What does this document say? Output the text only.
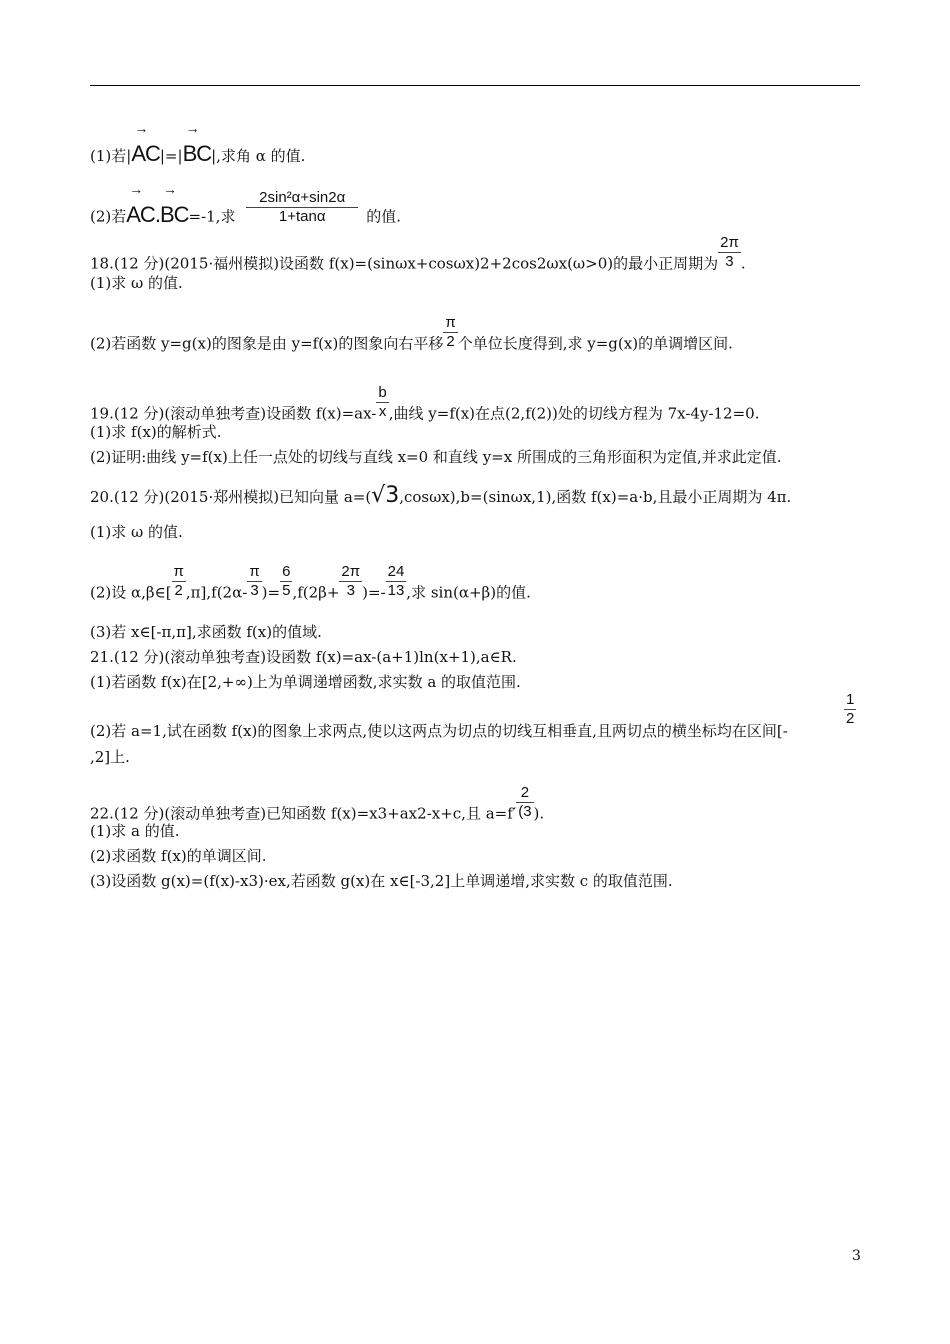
(1)若|
→
AC|=|
→
BC|,求角 α 的值.
(2)若
→
AC.
→
BC=-1,求 $\frac{\text{2sin²α+sin2α}}{1+\tan\alpha}$ 的值.
18.(12 分)(2015·福州模拟)设函数 f(x)=(sinωx+cosωx)2+2cos2ωx(ω>0)的最小正周期为 $\frac{2\pi}{3}$ .
(1)求 ω 的值.
(2)若函数 y=g(x)的图象是由 y=f(x)的图象向右平移 $\frac{\pi}{2}$ 个单位长度得到,求 y=g(x)的单调增区间.
19.(12 分)(滚动单独考查)设函数 $f(x)=ax- \frac{b}{x}$ ,曲线 y=f(x)在点(2,f(2))处的切线方程为 7x-4y-12=0.
(1)求 f(x)的解析式.
(2)证明:曲线 y=f(x)上任一点处的切线与直线 x=0 和直线 y=x 所围成的三角形面积为定值,并求此定值.
20.(12 分)(2015·郑州模拟)已知向量 a=(√3,cosωx),b=(sinωx,1),函数 f(x)=a·b,且最小正周期为 4π.
(1)求 ω 的值.
(2)设 α,β∈[ $\frac{\pi}{2} ,\pi],f(2\alpha- \frac{\pi}{3}$ )= $\frac{6}{5} ,f(2\beta+ \frac{2\pi}{3}$ )=- $\frac{24}{13}$ ,求 sin(α+β)的值.
(3)若 x∈[-π,π],求函数 f(x)的值域.
21.(12 分)(滚动单独考查)设函数 f(x)=ax-(a+1)ln(x+1),a∈R.
(1)若函数 f(x)在[2,+∞)上为单调递增函数,求实数 a 的取值范围.
(2)若 a=1,试在函数 f(x)的图象上求两点,使以这两点为切点的切线互相垂直,且两切点的横坐标均在区间[-
$\frac{1}{2}$
,2]上.
22.(12 分)(滚动单独考查)已知函数 f(x)=x3+ax2-x+c,且 $a=f' \frac{2}{(3}$ ).
(1)求 a 的值.
(2)求函数 f(x)的单调区间.
(3)设函数 g(x)=(f(x)-x3)·ex,若函数 g(x)在 x∈[-3,2]上单调递增,求实数 c 的取值范围.
3
